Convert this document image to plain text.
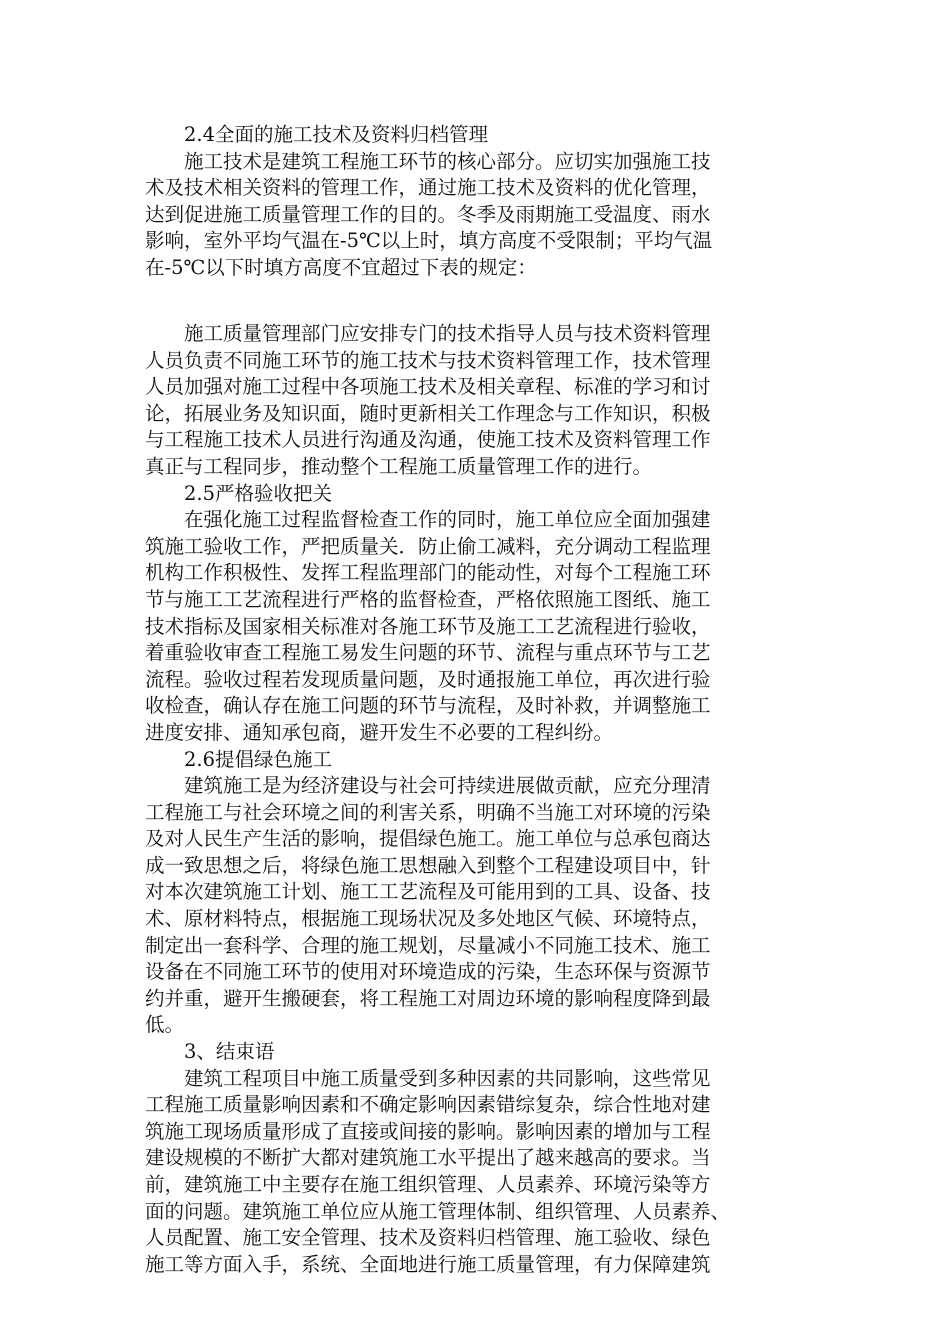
2.4全面的施工技术及资料归档管理
施工技术是建筑工程施工环节的核心部分。应切实加强施工技
术及技术相关资料的管理工作，通过施工技术及资料的优化管理，
达到促进施工质量管理工作的目的。冬季及雨期施工受温度、雨水
影响，室外平均气温在-5℃以上时，填方高度不受限制；平均气温
在-5℃以下时填方高度不宜超过下表的规定：
施工质量管理部门应安排专门的技术指导人员与技术资料管理
人员负责不同施工环节的施工技术与技术资料管理工作，技术管理
人员加强对施工过程中各项施工技术及相关章程、标准的学习和讨
论，拓展业务及知识面，随时更新相关工作理念与工作知识，积极
与工程施工技术人员进行沟通及沟通，使施工技术及资料管理工作
真正与工程同步，推动整个工程施工质量管理工作的进行。
2.5严格验收把关
在强化施工过程监督检查工作的同时，施工单位应全面加强建
筑施工验收工作，严把质量关．防止偷工减料，充分调动工程监理
机构工作积极性、发挥工程监理部门的能动性，对每个工程施工环
节与施工工艺流程进行严格的监督检查，严格依照施工图纸、施工
技术指标及国家相关标准对各施工环节及施工工艺流程进行验收，
着重验收审查工程施工易发生问题的环节、流程与重点环节与工艺
流程。验收过程若发现质量问题，及时通报施工单位，再次进行验
收检查，确认存在施工问题的环节与流程，及时补救，并调整施工
进度安排、通知承包商，避开发生不必要的工程纠纷。
2.6提倡绿色施工
建筑施工是为经济建设与社会可持续进展做贡献，应充分理清
工程施工与社会环境之间的利害关系，明确不当施工对环境的污染
及对人民生产生活的影响，提倡绿色施工。施工单位与总承包商达
成一致思想之后，将绿色施工思想融入到整个工程建设项目中，针
对本次建筑施工计划、施工工艺流程及可能用到的工具、设备、技
术、原材料特点，根据施工现场状况及多处地区气候、环境特点，
制定出一套科学、合理的施工规划，尽量减小不同施工技术、施工
设备在不同施工环节的使用对环境造成的污染，生态环保与资源节
约并重，避开生搬硬套，将工程施工对周边环境的影响程度降到最
低。
3、结束语
建筑工程项目中施工质量受到多种因素的共同影响，这些常见
工程施工质量影响因素和不确定影响因素错综复杂，综合性地对建
筑施工现场质量形成了直接或间接的影响。影响因素的增加与工程
建设规模的不断扩大都对建筑施工水平提出了越来越高的要求。当
前，建筑施工中主要存在施工组织管理、人员素养、环境污染等方
面的问题。建筑施工单位应从施工管理体制、组织管理、人员素养、
人员配置、施工安全管理、技术及资料归档管理、施工验收、绿色
施工等方面入手，系统、全面地进行施工质量管理，有力保障建筑
